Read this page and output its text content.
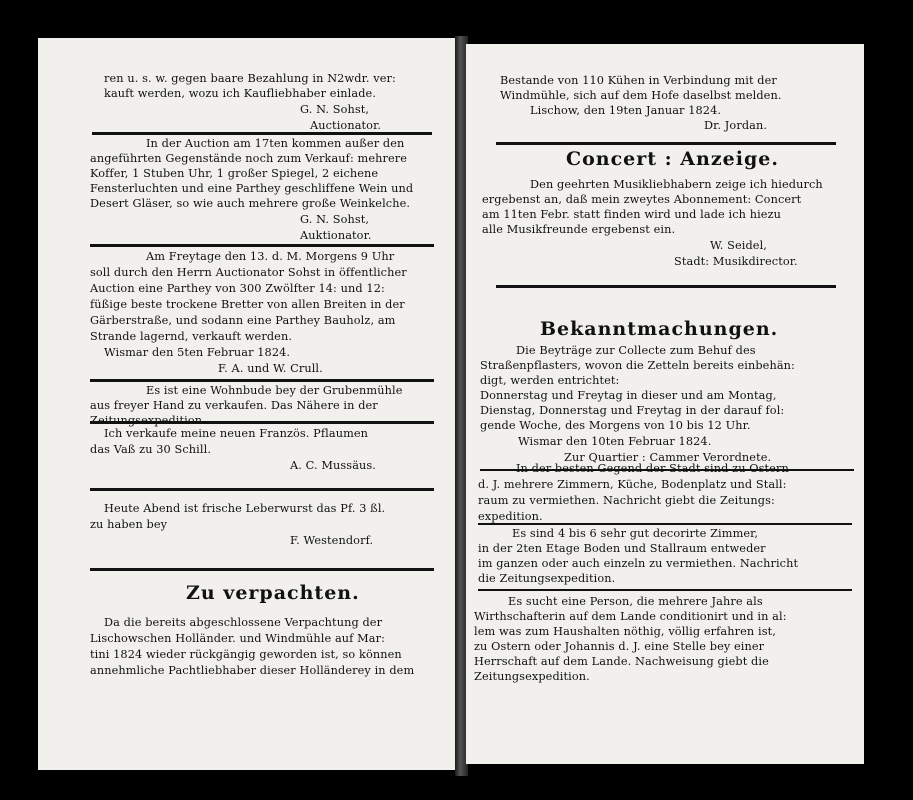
ren u. s. w. gegen baare Bezahlung in N2wdr. ver:
kauft werden, wozu ich Kaufliebhaber einlade.
G. N. Sohst,
Auctionator.
In der Auction am 17ten kommen außer den
angeführten Gegenstände noch zum Verkauf: mehrere
Koffer, 1 Stuben Uhr, 1 großer Spiegel, 2 eichene
Fensterluchten und eine Parthey geschliffene Wein und
Desert Gläser, so wie auch mehrere große Weinkelche.
G. N. Sohst,
Auktionator.
Am Freytage den 13. d. M. Morgens 9 Uhr
soll durch den Herrn Auctionator Sohst in öffentlicher
Auction eine Parthey von 300 Zwölfter 14: und 12:
füßige beste trockene Bretter von allen Breiten in der
Gärberstraße, und sodann eine Parthey Bauholz, am
Strande lagernd, verkauft werden.
Wismar den 5ten Februar 1824.
F. A. und W. Crull.
Es ist eine Wohnbude bey der Grubenmühle
aus freyer Hand zu verkaufen. Das Nähere in der
Ich verkaufe meine neuen Französ. Pflaumen
das Vaß zu 30 Schill.
A. C. Mussäus.
Heute Abend ist frische Leberwurst das Pf. 3 ßl.
zu haben bey
F. Westendorf.
Zu verpachten.
Da die bereits abgeschlossene Verpachtung der
Lischowschen Holländer. und Windmühle auf Mar:
tini 1824 wieder rückgängig geworden ist, so können
annehmliche Pachtliebhaber dieser Holländerey in dem
Bestande von 110 Kühen in Verbindung mit der
Windmühle, sich auf dem Hofe daselbst melden.
Lischow, den 19ten Januar 1824.
Dr. Jordan.
Concert : Anzeige.
Den geehrten Musikliebhabern zeige ich hiedurch
ergebenst an, daß mein zweytes Abonnement: Concert
am 11ten Febr. statt finden wird und lade ich hiezu
alle Musikfreunde ergebenst ein.
W. Seidel,
Stadt: Musikdirector.
Bekanntmachungen.
Die Beyträge zur Collecte zum Behuf des
Straßenpflasters, wovon die Zetteln bereits einbehän:
digt, werden entrichtet:
Donnerstag und Freytag in dieser und am Montag,
Dienstag, Donnerstag und Freytag in der darauf fol:
gende Woche, des Morgens von 10 bis 12 Uhr.
Wismar den 10ten Februar 1824.
Zur Quartier : Cammer Verordnete.
In der besten Gegend der Stadt sind zu Ostern
d. J. mehrere Zimmern, Küche, Bodenplatz und Stall:
raum zu vermiethen. Nachricht giebt die Zeitungs:
expedition.
Es sind 4 bis 6 sehr gut decorirte Zimmer,
in der 2ten Etage Boden und Stallraum entweder
im ganzen oder auch einzeln zu vermiethen. Nachricht
die Zeitungsexpedition.
Es sucht eine Person, die mehrere Jahre als
Wirthschafterin auf dem Lande conditionirt und in al:
lem was zum Haushalten nöthig, völlig erfahren ist,
zu Ostern oder Johannis d. J. eine Stelle bey einer
Herrschaft auf dem Lande. Nachweisung giebt die
Zeitungsexpedition.
